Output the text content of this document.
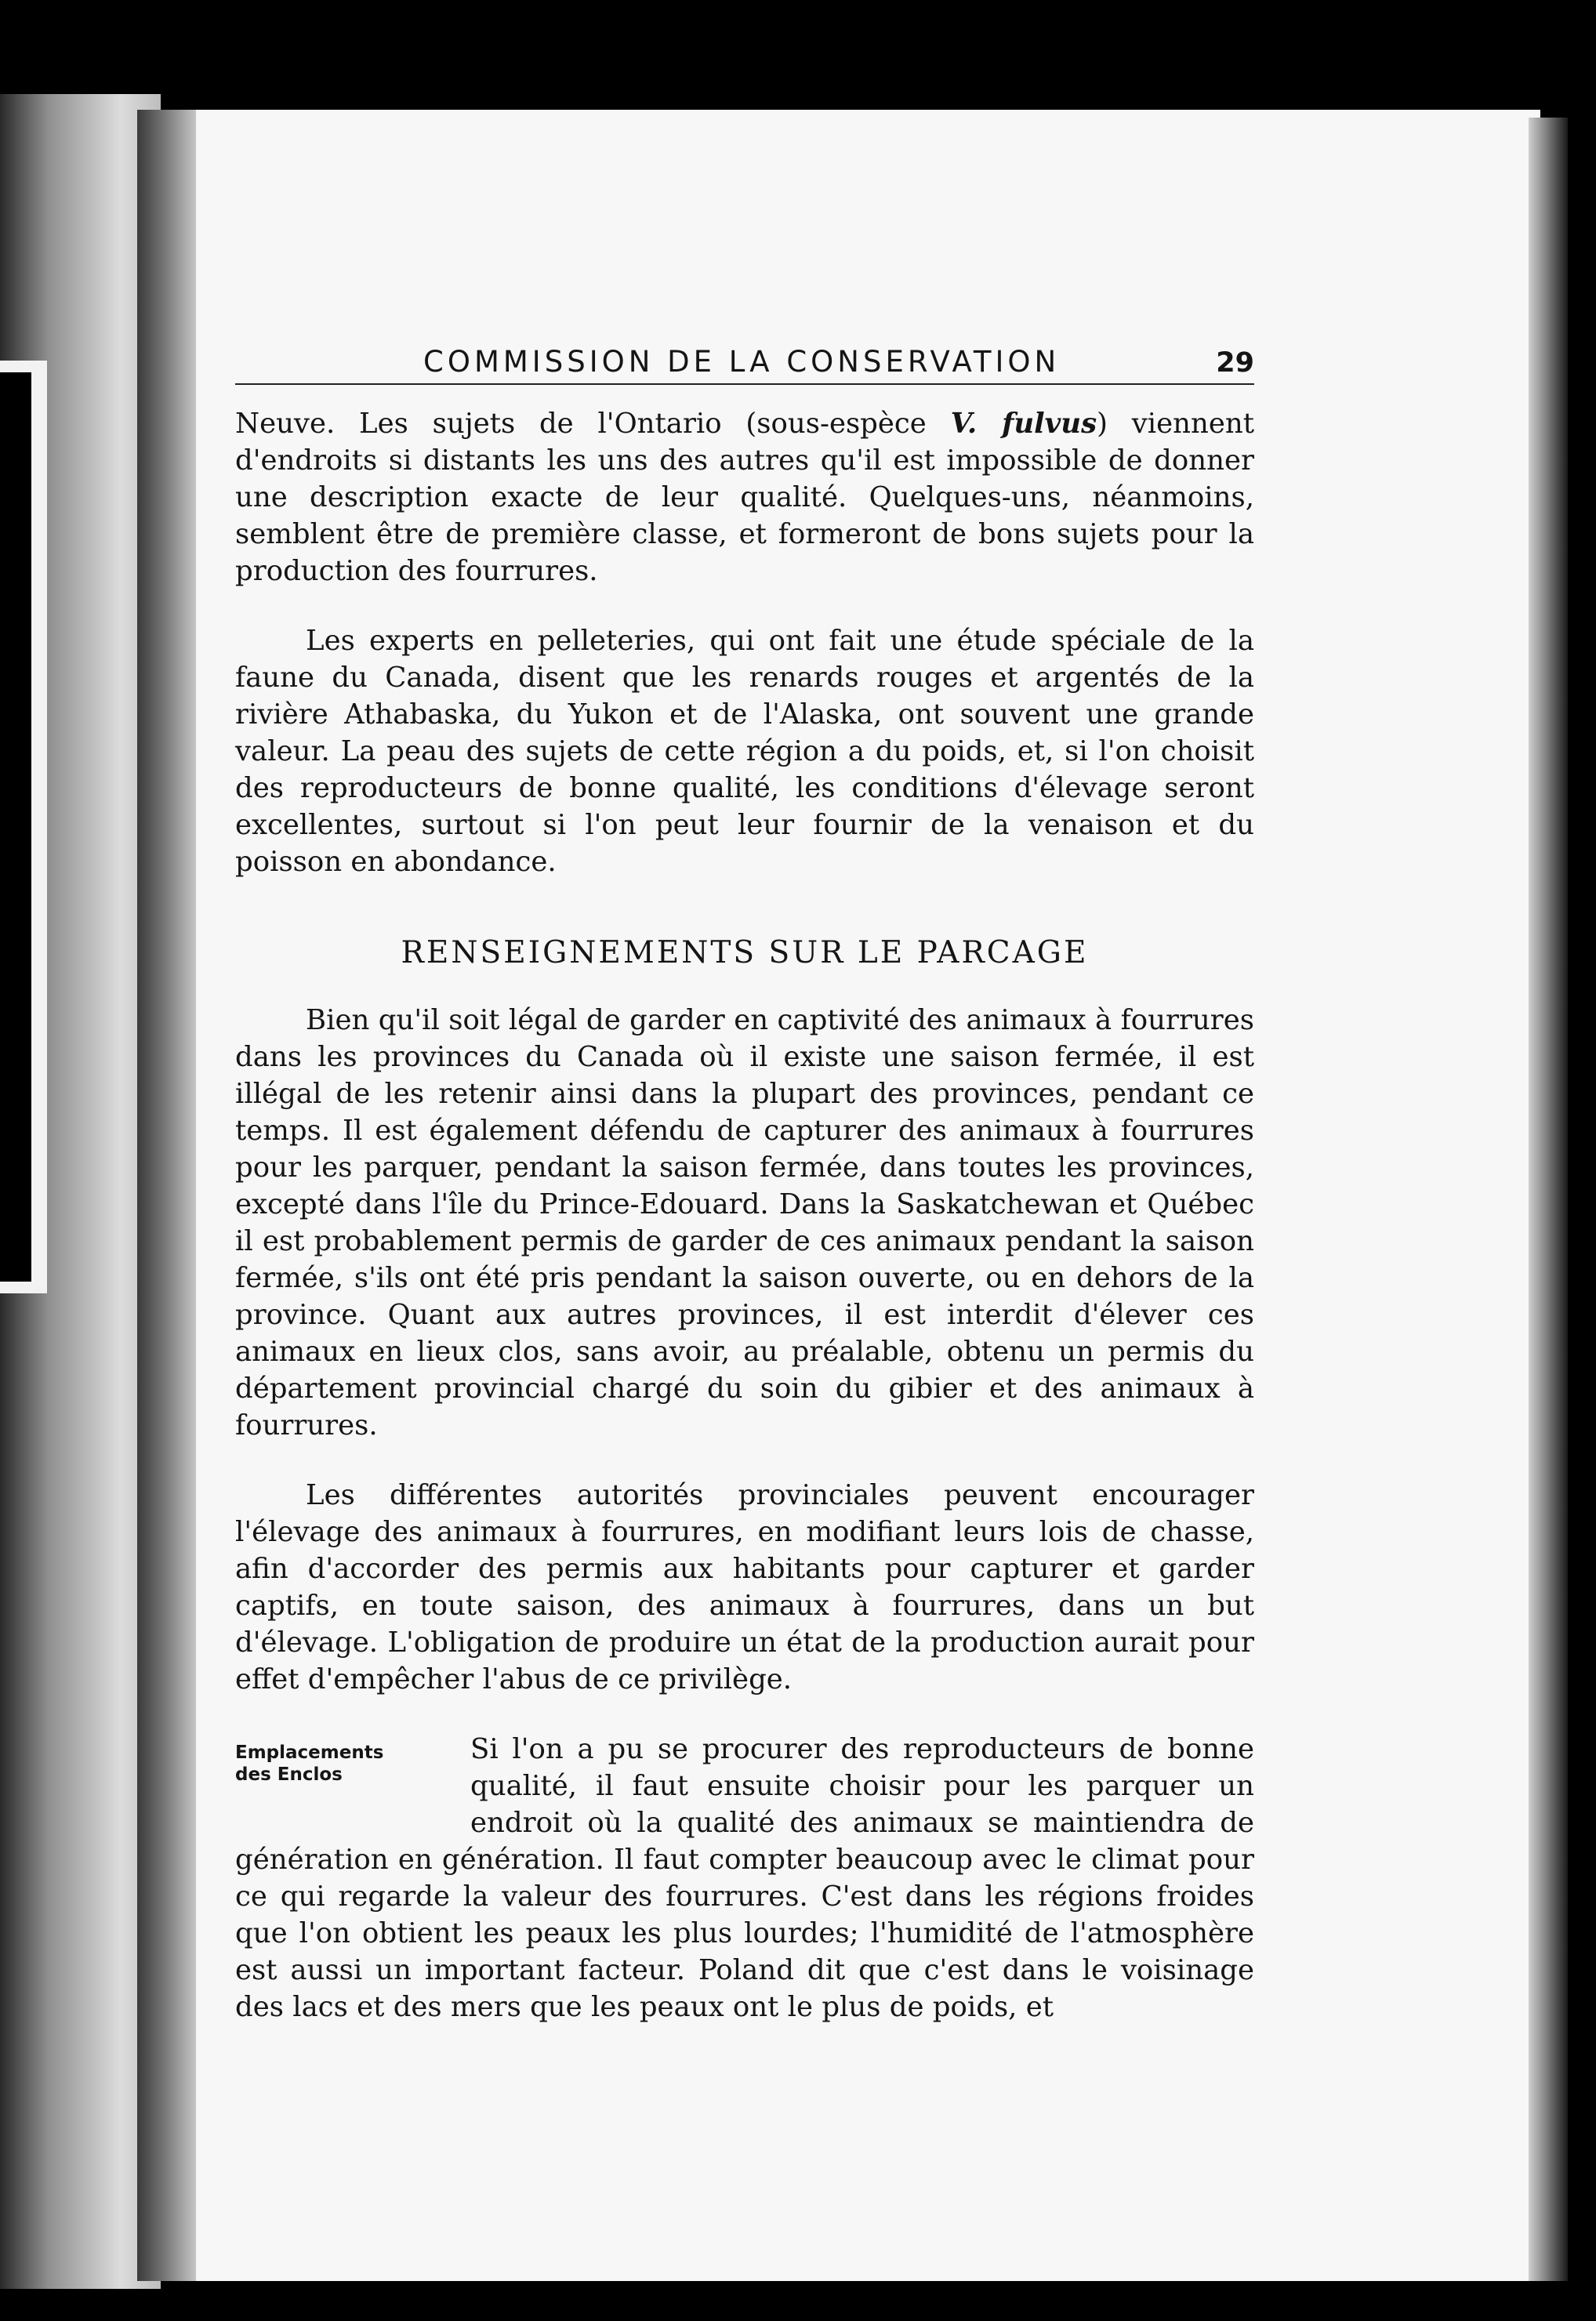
COMMISSION DE LA CONSERVATION	29

Neuve. Les sujets de l'Ontario (sous-espèce V. fulvus) viennent d'endroits si distants les uns des autres qu'il est impossible de donner une description exacte de leur qualité. Quelques-uns, néanmoins, semblent être de première classe, et formeront de bons sujets pour la production des fourrures.

Les experts en pelleteries, qui ont fait une étude spéciale de la faune du Canada, disent que les renards rouges et argentés de la rivière Athabaska, du Yukon et de l'Alaska, ont souvent une grande valeur. La peau des sujets de cette région a du poids, et, si l'on choisit des reproducteurs de bonne qualité, les conditions d'élevage seront excellentes, surtout si l'on peut leur fournir de la venaison et du poisson en abondance.

RENSEIGNEMENTS SUR LE PARCAGE

Bien qu'il soit légal de garder en captivité des animaux à fourrures dans les provinces du Canada où il existe une saison fermée, il est illégal de les retenir ainsi dans la plupart des provinces, pendant ce temps. Il est également défendu de capturer des animaux à fourrures pour les parquer, pendant la saison fermée, dans toutes les provinces, excepté dans l'île du Prince-Edouard. Dans la Saskatchewan et Québec il est probablement permis de garder de ces animaux pendant la saison fermée, s'ils ont été pris pendant la saison ouverte, ou en dehors de la province. Quant aux autres provinces, il est interdit d'élever ces animaux en lieux clos, sans avoir, au préalable, obtenu un permis du département provincial chargé du soin du gibier et des animaux à fourrures.

Les différentes autorités provinciales peuvent encourager l'élevage des animaux à fourrures, en modifiant leurs lois de chasse, afin d'accorder des permis aux habitants pour capturer et garder captifs, en toute saison, des animaux à fourrures, dans un but d'élevage. L'obligation de produire un état de la production aurait pour effet d'empêcher l'abus de ce privilège.

Emplacements
des Enclos

Si l'on a pu se procurer des reproducteurs de bonne qualité, il faut ensuite choisir pour les parquer un endroit où la qualité des animaux se maintiendra de génération en génération. Il faut compter beaucoup avec le climat pour ce qui regarde la valeur des fourrures. C'est dans les régions froides que l'on obtient les peaux les plus lourdes; l'humidité de l'atmosphère est aussi un important facteur. Poland dit que c'est dans le voisinage des lacs et des mers que les peaux ont le plus de poids, et
